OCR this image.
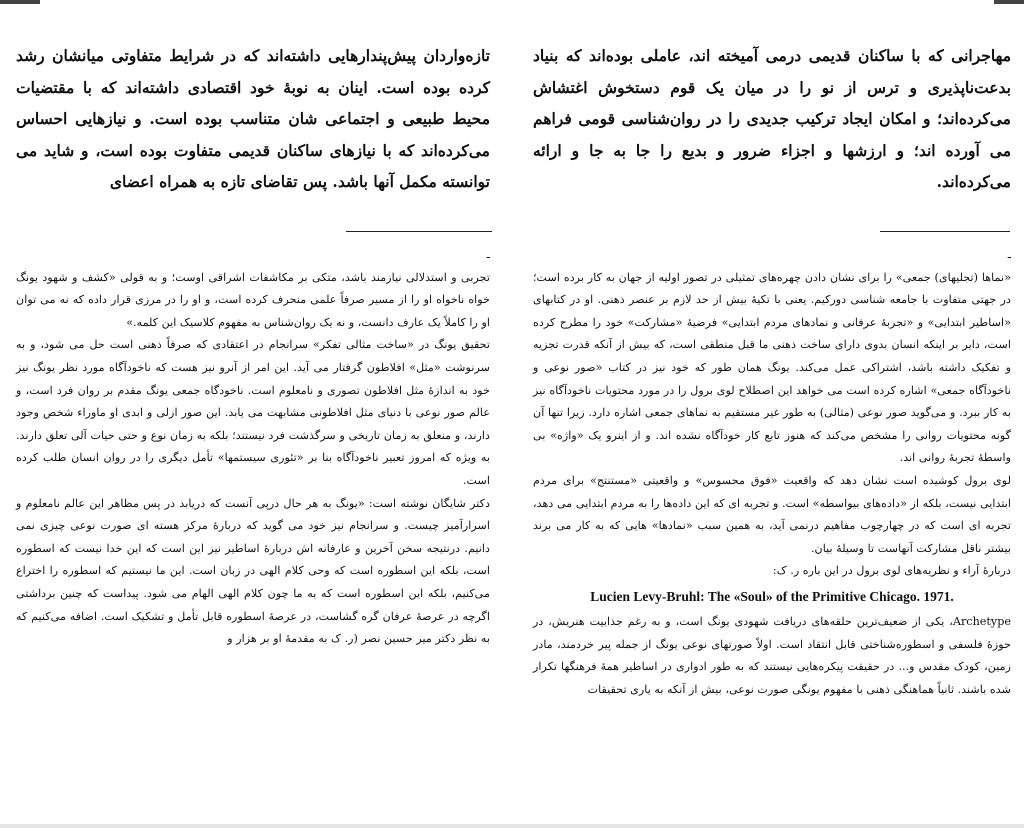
تازه‌واردان پیش‌پندارهایی داشته‌اند که در شرایط متفاوتی میانشان رشد کرده بوده است. اینان به نوبهٔ خود اقتصادی داشته‌اند که با مقتضیات محیط طبیعی و اجتماعی شان متناسب بوده است. و نیازهایی احساس می‌کرده‌اند که با نیازهای ساکنان قدیمی متفاوت بوده است، و شاید می توانسته مکمل آنها باشد. پس تقاضای تازه به همراه اعضای
ـ

تجربی و استدلالی نیازمند باشد، متکی بر مکاشفات اشراقی اوست؛ و به قولی «کشف و شهود یونگ خواه ناخواه او را از مسیر صرفاً علمی منحرف کرده است، و او را در مرزی قرار داده که نه می توان او را کاملاً یک عارف دانست، و نه یک روان‌شناس به مفهوم کلاسیک این کلمه.»

تحقیق یونگ در «ساخت مثالی تفکر» سرانجام در اعتقادی که صرفاً ذهنی است حل می شود، و به سرنوشت «مثل» افلاطون گرفتار می آید. این امر از آنرو نیز هست که ناخودآگاه مورد نظر یونگ نیز خود به اندازهٔ مثل افلاطون تصوری و نامعلوم است. ناخودگاه جمعی یونگ مقدم بر روان فرد است، و عالم صور نوعی با دنیای مثل افلاطونی مشابهت می یابد. این صور ازلی و ابدی او ماوراء شخص وجود دارند، و منعلق به زمان تاریخی و سرگذشت فرد نیستند؛ بلکه به زمان نوع و حتی حیات آلی تعلق دارند. به ویژه که امروز تعبیر ناخودآگاه بنا بر «تئوری سیستمها» تأمل دیگری را در روان انسان طلب کرده است.

دکتر شایگان نوشته است: «یونگ به هر حال درپی آنست که دریابد در پس مظاهر این عالم نامعلوم و اسرارآمیز چیست. و سرانجام نیز خود می گوید که دربارهٔ مرکز هسته ای صورت نوعی چیزی نمی دانیم. درنتیجه سخن آخرین و عارفانه اش دربارهٔ اساطیر نیز این است که این خدا نیست که اسطوره است، بلکه این اسطوره است که وحی کلام الهی در زبان است. این ما نیستیم که اسطوره را اختراع می‌کنیم، بلکه این اسطوره است که به ما چون کلام الهی الهام می شود. پیداست که چنین برداشتی اگرچه در عرصهٔ عرفان گره گشاست، در عرصهٔ اسطوره قابل تأمل و تشکیک است. اضافه می‌کنیم که به نظر دکتر میر حسین نصر (ر. ک به مقدمهٔ او بر هزار و

مهاجرانی که با ساکنان قدیمی درمی آمیخته اند، عاملی بوده‌اند که بنیاد بدعت‌ناپذیری و ترس از نو را در میان یک قوم دستخوش اغتشاش می‌کرده‌اند؛ و امکان ایجاد ترکیب جدیدی را در روان‌شناسی قومی فراهم می آورده اند؛ و ارزشها و اجزاء ضرور و بدیع را جا به جا و ارائه می‌کرده‌اند.
ـ

«نماها (تجلیهای) جمعی» را برای نشان دادن چهره‌های تمثیلی در تصور اولیه از جهان به کار برده است؛ در جهتی متفاوت با جامعه شناسی دورکیم. یعنی با تکیهٔ بیش از حد لازم بر عنصر ذهنی. او در کتابهای «اساطیر ابتدایی» و «تجربهٔ عرفانی و نمادهای مردم ابتدایی» فرضیهٔ «مشارکت» خود را مطرح کرده است، دایر بر اینکه انسان بدوی دارای ساخت ذهنی ما قبل منطقی است، که بیش از آنکه قدرت تجزیه و تفکیک داشته باشد، اشتراکی عمل می‌کند. یونگ همان طور که خود نیز در کتاب «صور نوعی و ناخودآگاه جمعی» اشاره کرده است می خواهد این اصطلاح لوی برول را در مورد محتویات ناخودآگاه نیز به کار ببرد. و می‌گوید صور نوعی (مثالی) به طور غیر مستقیم به نماهای جمعی اشاره دارد. زیرا تنها آن گونه محتویات روانی را مشخص می‌کند که هنوز تابع کار خودآگاه نشده اند. و از اینرو یک «واژه» بی واسطهٔ تجربهٔ روانی اند.

لوی برول کوشیده است نشان دهد که واقعیت «فوق محسوس» و واقعیتی «مستنتج» برای مردم ابتدایی نیست، بلکه از «داده‌های بیواسطه» است. و تجربه ای که این داده‌ها را به مردم ابتدایی می دهد، تجربه ای است که در چهارچوب مفاهیم درنمی آید، به همین سبب «نمادها» هایی که به کار می برند بیشتر ناقل مشارکت آنهاست تا وسیلهٔ بیان.

دربارهٔ آراء و نظریه‌های لوی برول در این باره ر. ک:

Lucien Levy-Bruhl: The «Soul» of the Primitive Chicago. 1971.

Archetype، یکی از ضعیف‌ترین حلقه‌های دریافت شهودی یونگ است، و به رغم جذابیت هنریش، در حوزهٔ فلسفی و اسطوره‌شناختی قابل انتقاد است. اولاً صورتهای نوعی یونگ از جمله پیر خردمند، مادر زمین، کودک مقدس و... در حقیقت پیکره‌هایی نیستند که به طور ادواری در اساطیر همهٔ فرهنگها تکرار شده باشند. ثانیاً هماهنگی ذهنی با مفهوم یونگی صورت نوعی، بیش از آنکه به یاری تحقیقات
